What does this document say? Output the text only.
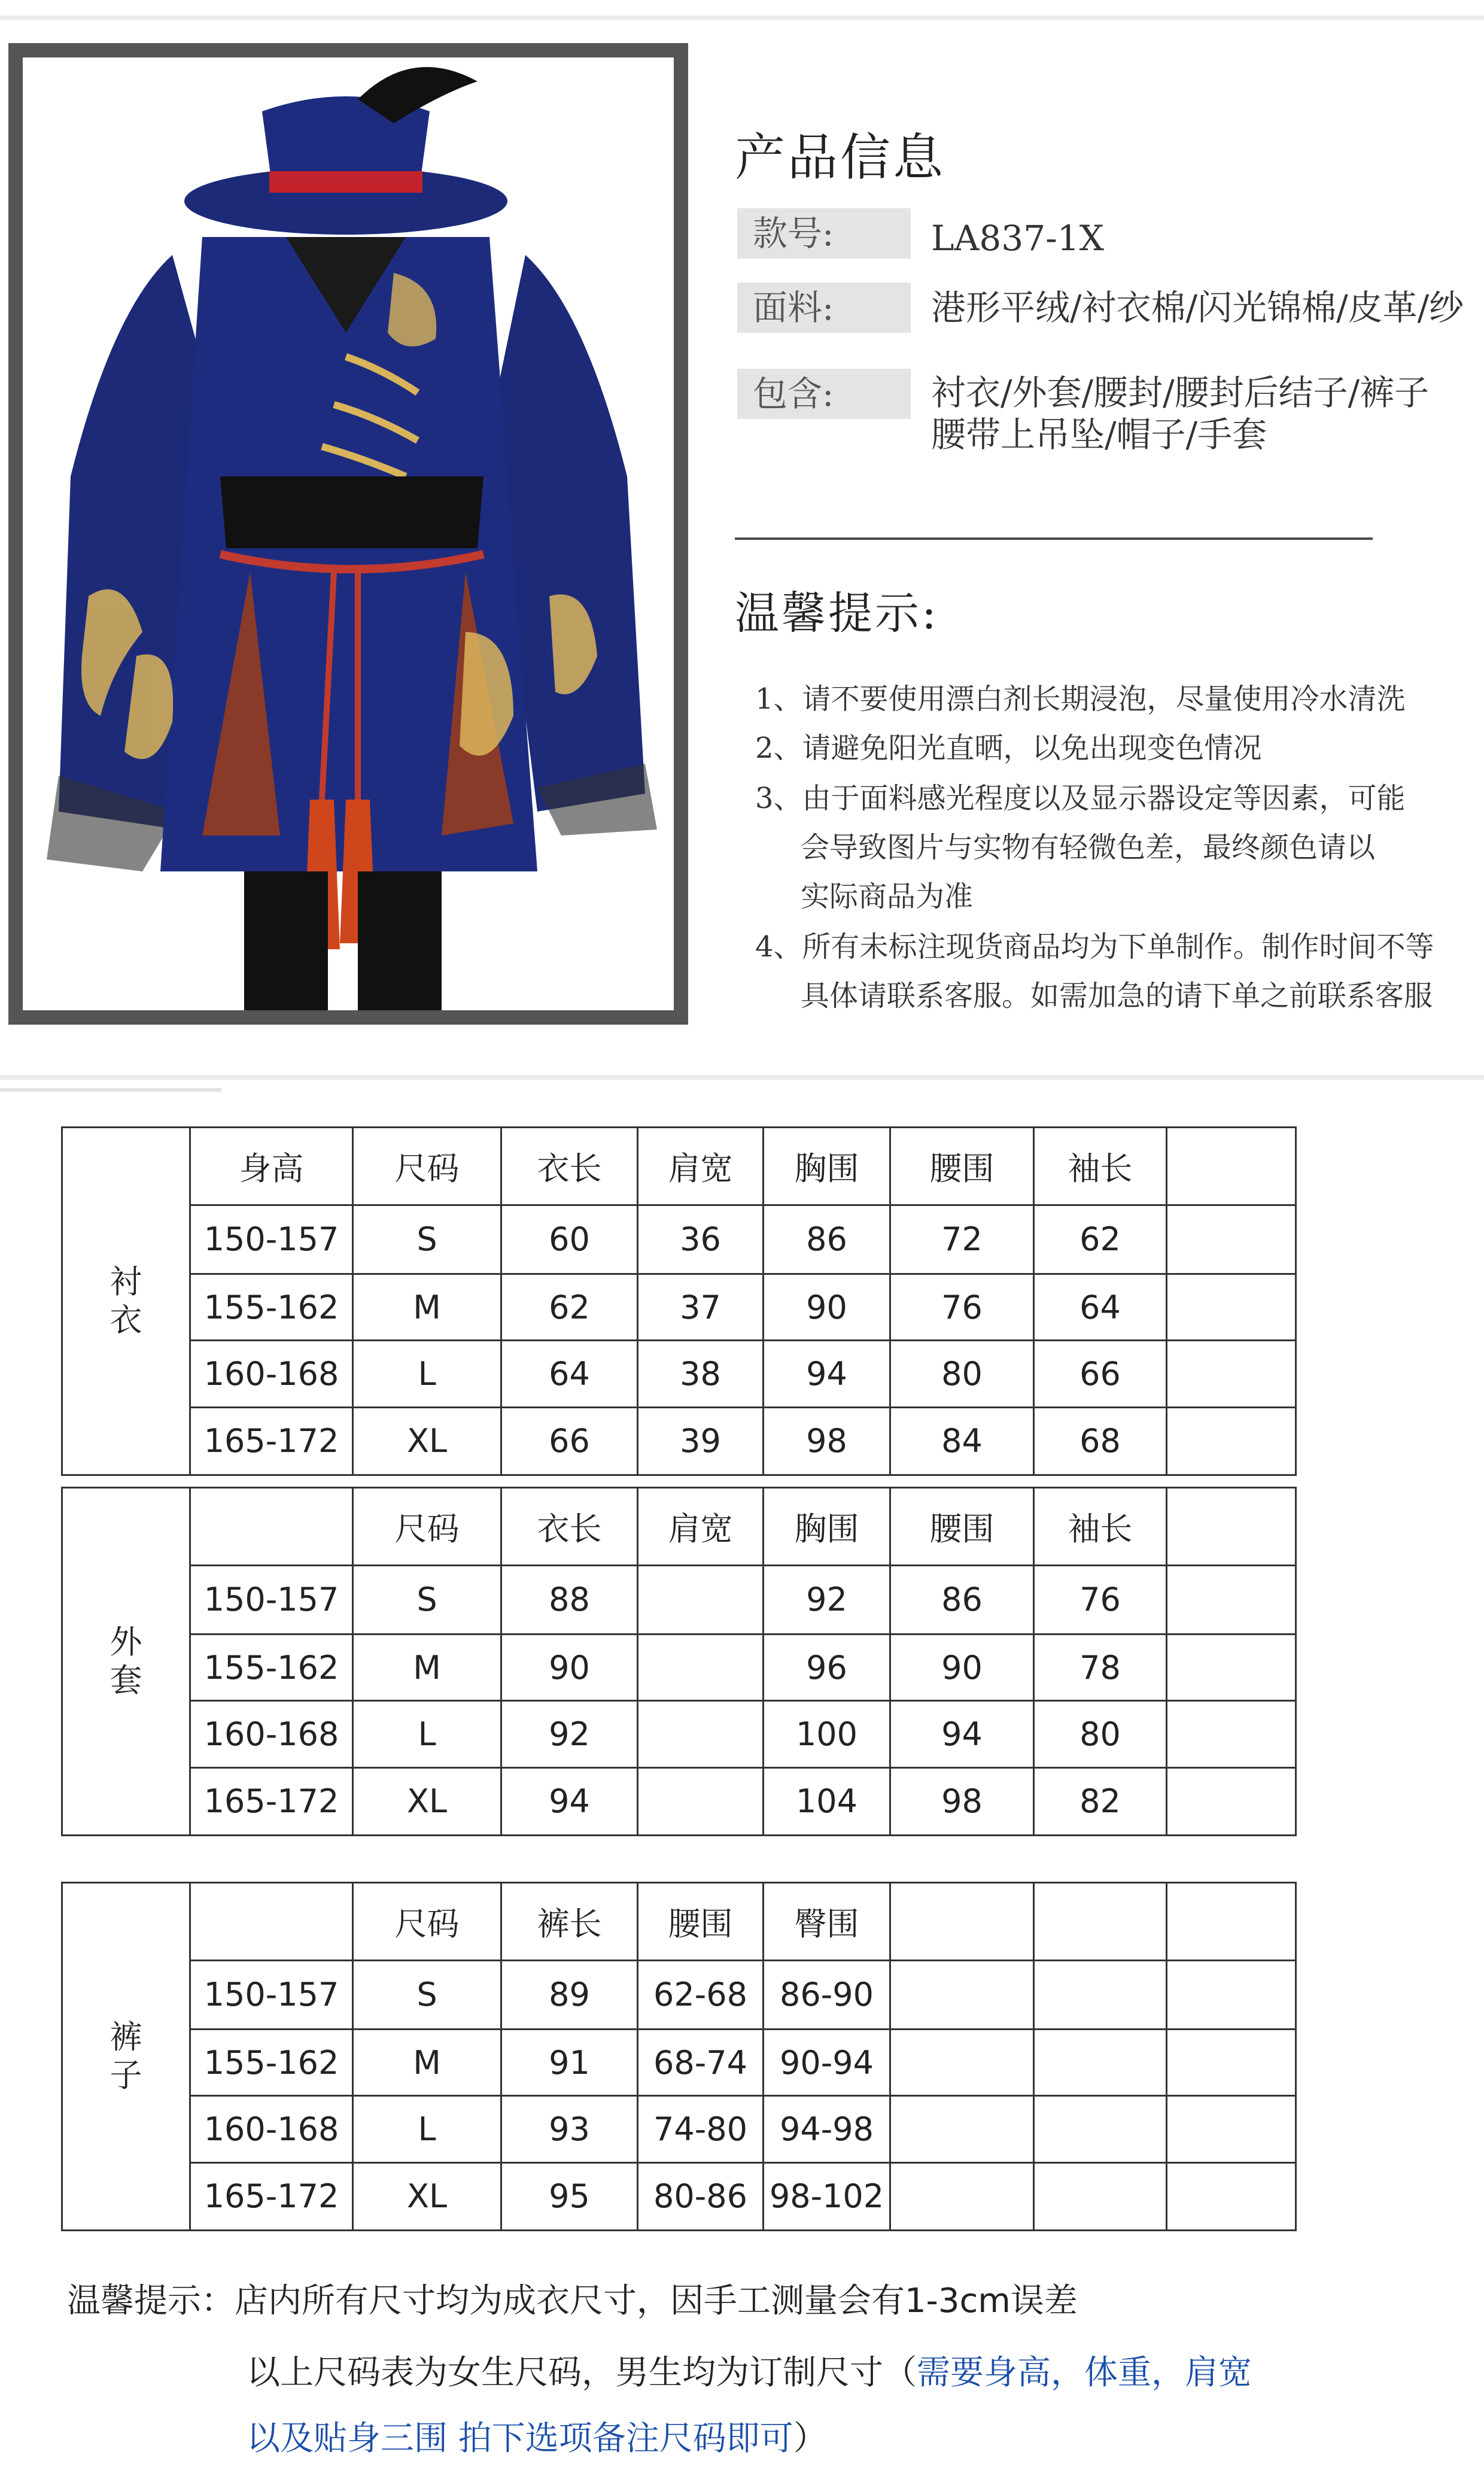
产品信息
款号:	LA837-1X
面料:	港形平绒/衬衣棉/闪光锦棉/皮革/纱
包含:	衬衣/外套/腰封/腰封后结子/裤子
腰带上吊坠/帽子/手套
温馨提示:
1、请不要使用漂白剂长期浸泡，尽量使用冷水清洗
2、请避免阳光直晒，以免出现变色情况
3、由于面料感光程度以及显示器设定等因素，可能
会导致图片与实物有轻微色差，最终颜色请以
实际商品为准
4、所有未标注现货商品均为下单制作。制作时间不等
具体请联系客服。如需加急的请下单之前联系客服
衬
衣	身高	尺码	衣长	肩宽	胸围	腰围	袖长	
	150-157	S	60	36	86	72	62	
	155-162	M	62	37	90	76	64	
	160-168	L	64	38	94	80	66	
	165-172	XL	66	39	98	84	68	
外
套		尺码	衣长	肩宽	胸围	腰围	袖长	
	150-157	S	88		92	86	76	
	155-162	M	90		96	90	78	
	160-168	L	92		100	94	80	
	165-172	XL	94		104	98	82	
裤
子		尺码	裤长	腰围	臀围			
	150-157	S	89	62-68	86-90			
	155-162	M	91	68-74	90-94			
	160-168	L	93	74-80	94-98			
	165-172	XL	95	80-86	98-102			
温馨提示：店内所有尺寸均为成衣尺寸，因手工测量会有1-3cm误差
以上尺码表为女生尺码，男生均为订制尺寸（需要身高，体重，肩宽
以及贴身三围 拍下选项备注尺码即可）
